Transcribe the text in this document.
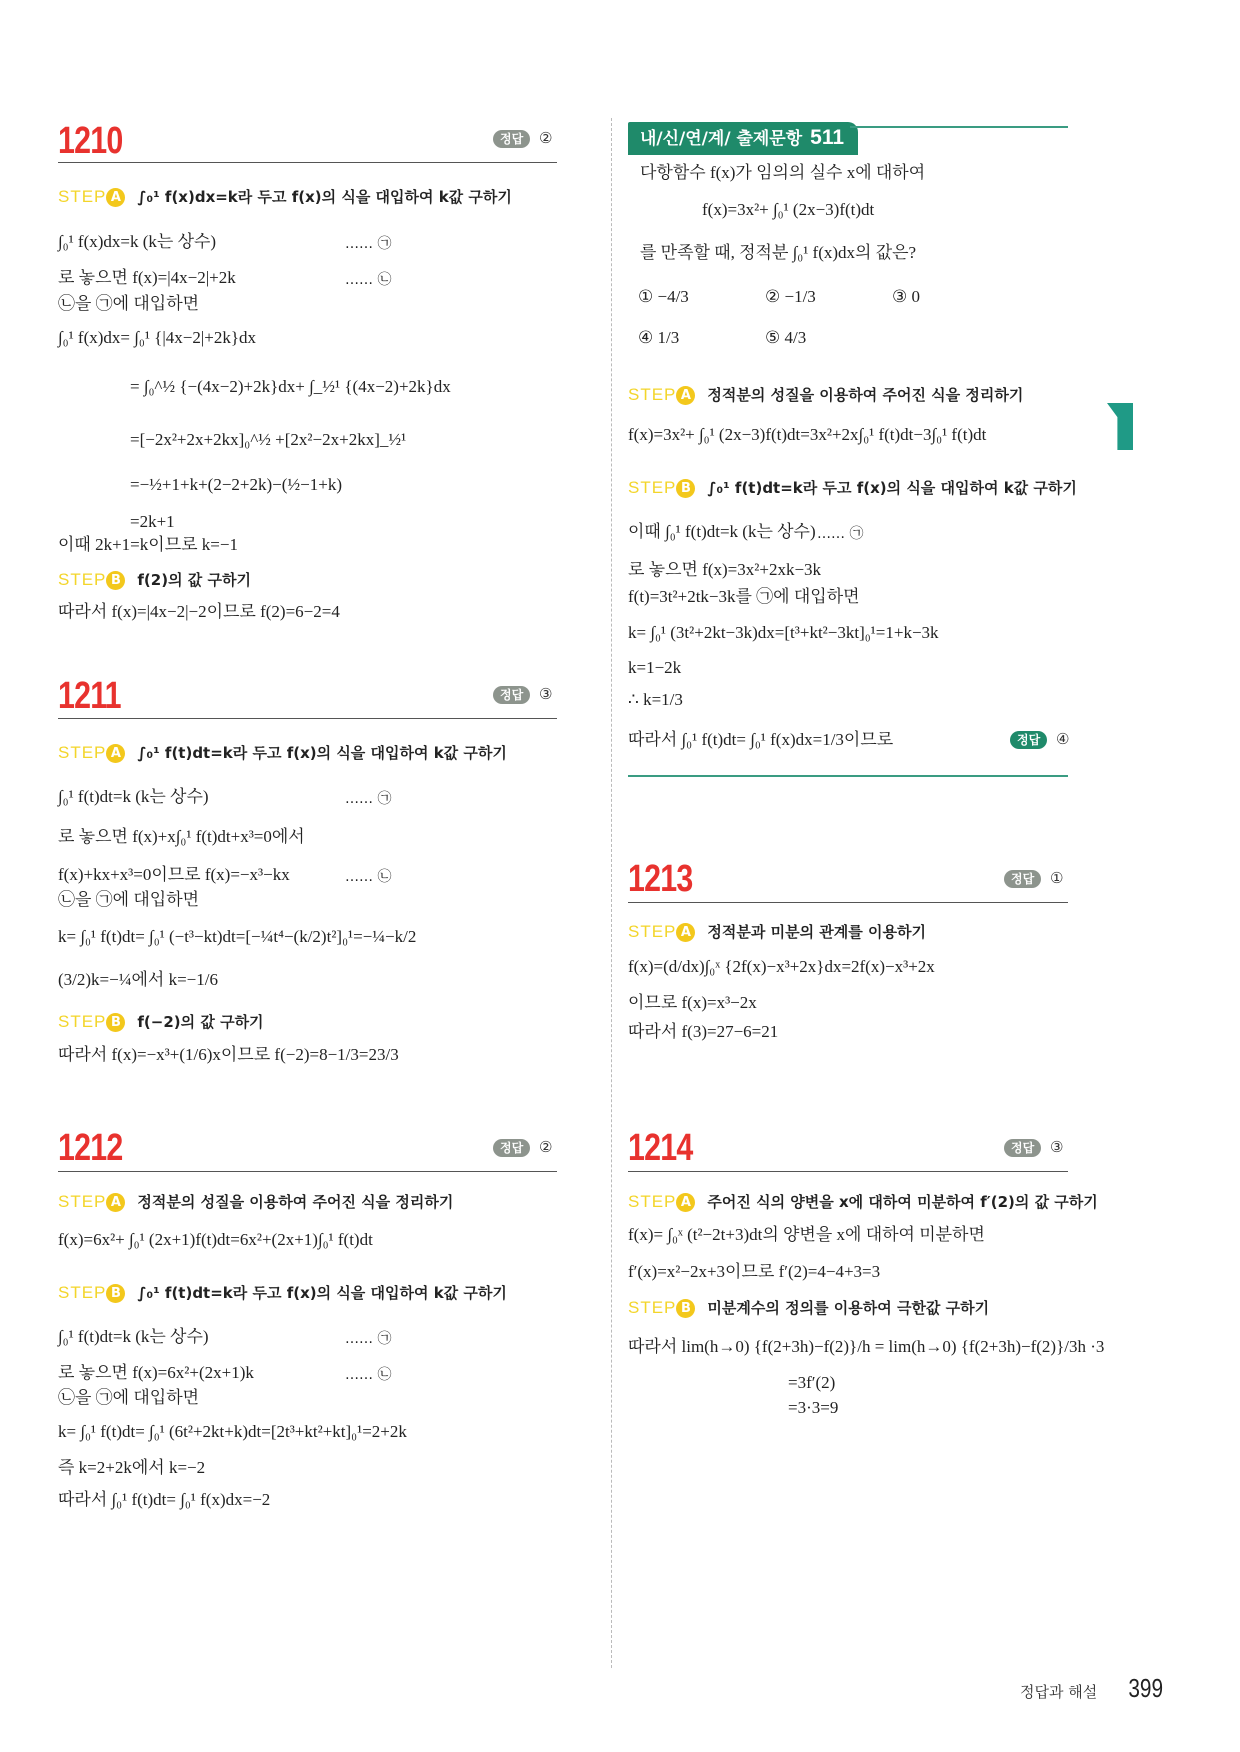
내/신/연/계/ 출제문항 511
1210	정답	②
STEP A ∫₀¹ f(x)dx=k라 두고 f(x)의 식을 대입하여 k값 구하기
∫₀¹ f(x)dx=k (k는 상수)	…… ㉠
로 놓으면 f(x)=|4x−2|+2k	…… ㉡
㉡을 ㉠에 대입하면
∫₀¹ f(x)dx= ∫₀¹ {|4x−2|+2k}dx
= ∫₀^½ {−(4x−2)+2k}dx+ ∫_½¹ {(4x−2)+2k}dx
=[−2x²+2x+2kx]₀^½ +[2x²−2x+2kx]_½¹
=−½+1+k+(2−2+2k)−(½−1+k)
=2k+1
이때 2k+1=k이므로 k=−1
STEP B f(2)의 값 구하기
따라서 f(x)=|4x−2|−2이므로 f(2)=6−2=4
1211	정답	③
STEP A ∫₀¹ f(t)dt=k라 두고 f(x)의 식을 대입하여 k값 구하기
∫₀¹ f(t)dt=k (k는 상수)	…… ㉠
로 놓으면 f(x)+x∫₀¹ f(t)dt+x³=0에서
f(x)+kx+x³=0이므로 f(x)=−x³−kx	…… ㉡
㉡을 ㉠에 대입하면
k= ∫₀¹ f(t)dt= ∫₀¹ (−t³−kt)dt=[−¼t⁴−(k/2)t²]₀¹=−¼−k/2
(3/2)k=−¼에서 k=−1/6
STEP B f(−2)의 값 구하기
따라서 f(x)=−x³+(1/6)x이므로 f(−2)=8−1/3=23/3
1212	정답	②
STEP A 정적분의 성질을 이용하여 주어진 식을 정리하기
f(x)=6x²+ ∫₀¹ (2x+1)f(t)dt=6x²+(2x+1)∫₀¹ f(t)dt
STEP B ∫₀¹ f(t)dt=k라 두고 f(x)의 식을 대입하여 k값 구하기
∫₀¹ f(t)dt=k (k는 상수)	…… ㉠
로 놓으면 f(x)=6x²+(2x+1)k	…… ㉡
㉡을 ㉠에 대입하면
k= ∫₀¹ f(t)dt= ∫₀¹ (6t²+2kt+k)dt=[2t³+kt²+kt]₀¹=2+2k
즉 k=2+2k에서 k=−2
따라서 ∫₀¹ f(t)dt= ∫₀¹ f(x)dx=−2
다항함수 f(x)가 임의의 실수 x에 대하여
f(x)=3x²+ ∫₀¹ (2x−3)f(t)dt
를 만족할 때, 정적분 ∫₀¹ f(x)dx의 값은?
① −4/3	② −1/3	③ 0
④ 1/3	⑤ 4/3
STEP A 정적분의 성질을 이용하여 주어진 식을 정리하기
f(x)=3x²+ ∫₀¹ (2x−3)f(t)dt=3x²+2x∫₀¹ f(t)dt−3∫₀¹ f(t)dt
STEP B ∫₀¹ f(t)dt=k라 두고 f(x)의 식을 대입하여 k값 구하기
이때 ∫₀¹ f(t)dt=k (k는 상수) …… ㉠
로 놓으면 f(x)=3x²+2xk−3k
f(t)=3t²+2tk−3k를 ㉠에 대입하면
k= ∫₀¹ (3t²+2kt−3k)dx=[t³+kt²−3kt]₀¹=1+k−3k
k=1−2k
∴ k=1/3
따라서 ∫₀¹ f(t)dt= ∫₀¹ f(x)dx=1/3이므로	정답	④
1213	정답	①
STEP A 정적분과 미분의 관계를 이용하기
f(x)=(d/dx)∫₀ˣ {2f(x)−x³+2x}dx=2f(x)−x³+2x
이므로 f(x)=x³−2x
따라서 f(3)=27−6=21
1214	정답	③
STEP A 주어진 식의 양변을 x에 대하여 미분하여 f′(2)의 값 구하기
f(x)= ∫₀ˣ (t²−2t+3)dt의 양변을 x에 대하여 미분하면
f′(x)=x²−2x+3이므로 f′(2)=4−4+3=3
STEP B 미분계수의 정의를 이용하여 극한값 구하기
따라서 lim(h→0) {f(2+3h)−f(2)}/h = lim(h→0) {f(2+3h)−f(2)}/3h ·3
=3f′(2)
=3·3=9
정답과 해설 399
